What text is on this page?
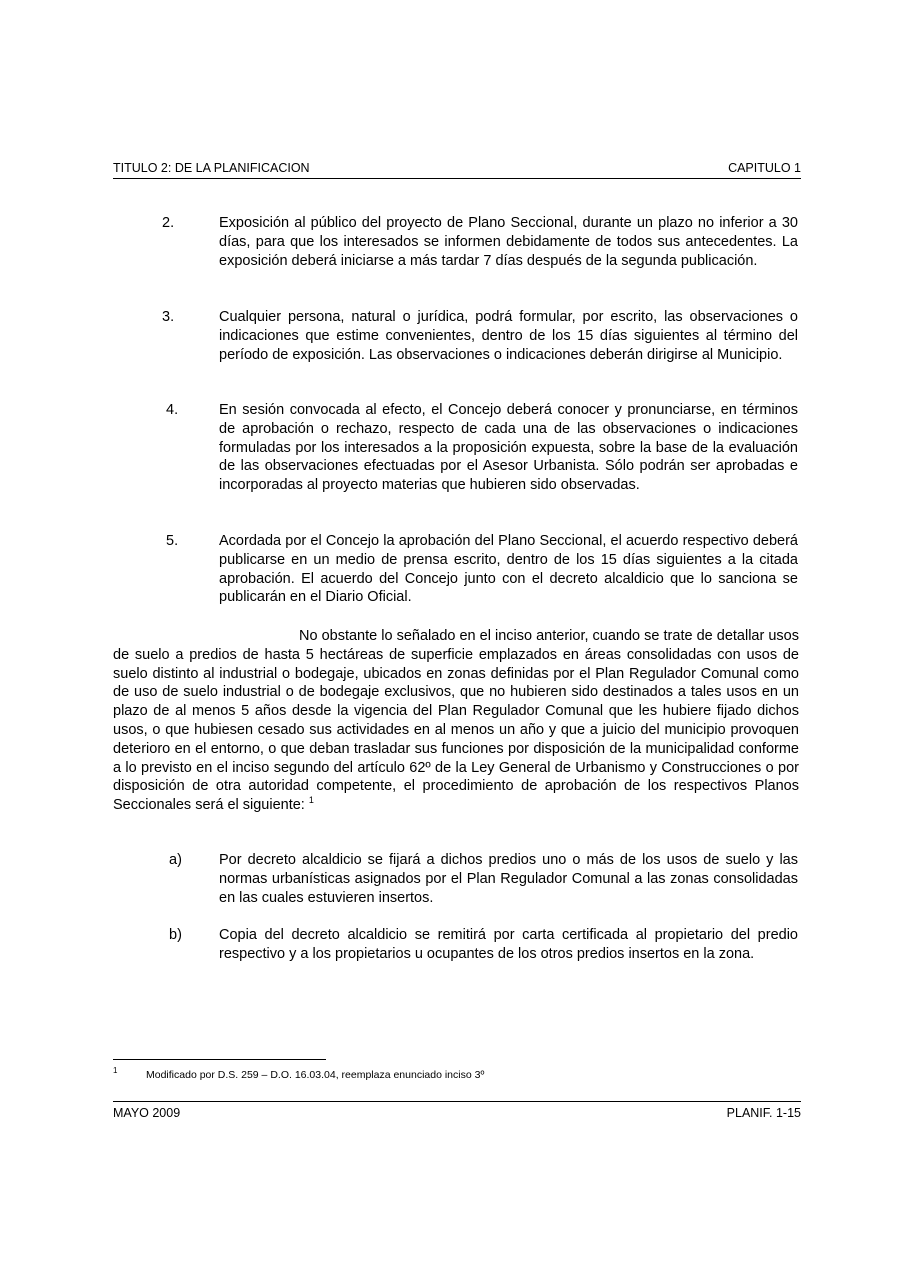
TITULO 2: DE LA PLANIFICACION	CAPITULO 1
2.	Exposición al público del proyecto de Plano Seccional, durante un plazo no inferior a 30 días, para que los interesados se informen debidamente de todos sus antecedentes. La exposición deberá iniciarse a más tardar 7 días después de la segunda publicación.
3.	Cualquier persona, natural o jurídica, podrá formular, por escrito, las observaciones o indicaciones que estime convenientes, dentro de los 15 días siguientes al término del período de exposición. Las observaciones o indicaciones deberán dirigirse al Municipio.
4.	En sesión convocada al efecto, el Concejo deberá conocer y pronunciarse, en términos de aprobación o rechazo, respecto de cada una de las observaciones o indicaciones formuladas por los interesados a la proposición expuesta, sobre la base de la evaluación de las observaciones efectuadas por el Asesor Urbanista. Sólo podrán ser aprobadas e incorporadas al proyecto materias que hubieren sido observadas.
5.	Acordada por el Concejo la aprobación del Plano Seccional, el acuerdo respectivo deberá publicarse en un medio de prensa escrito, dentro de los 15 días siguientes a la citada aprobación. El acuerdo del Concejo junto con el decreto alcaldicio que lo sanciona se publicarán en el Diario Oficial.
No obstante lo señalado en el inciso anterior, cuando se trate de detallar usos de suelo a predios de hasta 5 hectáreas de superficie emplazados en áreas consolidadas con usos de suelo distinto al industrial o bodegaje, ubicados en zonas definidas por el Plan Regulador Comunal como de uso de suelo industrial o de bodegaje exclusivos, que no hubieren sido destinados a tales usos en un plazo de al menos 5 años desde la vigencia del Plan Regulador Comunal que les hubiere fijado dichos usos, o que hubiesen cesado sus actividades en al menos un año y que a juicio del municipio provoquen deterioro en el entorno, o que deban trasladar sus funciones por disposición de la municipalidad conforme a lo previsto en el inciso segundo del artículo 62º de la Ley General de Urbanismo y Construcciones o por disposición de otra autoridad competente, el procedimiento de aprobación de los respectivos Planos Seccionales será el siguiente: $^1$
a)	Por decreto alcaldicio se fijará a dichos predios uno o más de los usos de suelo y las normas urbanísticas asignados por el Plan Regulador Comunal a las zonas consolidadas en las cuales estuvieren insertos.
b)	Copia del decreto alcaldicio se remitirá por carta certificada al propietario del predio respectivo y a los propietarios u ocupantes de los otros predios insertos en la zona.
1	Modificado por D.S. 259 – D.O. 16.03.04, reemplaza enunciado inciso 3º
MAYO 2009	PLANIF. 1-15
